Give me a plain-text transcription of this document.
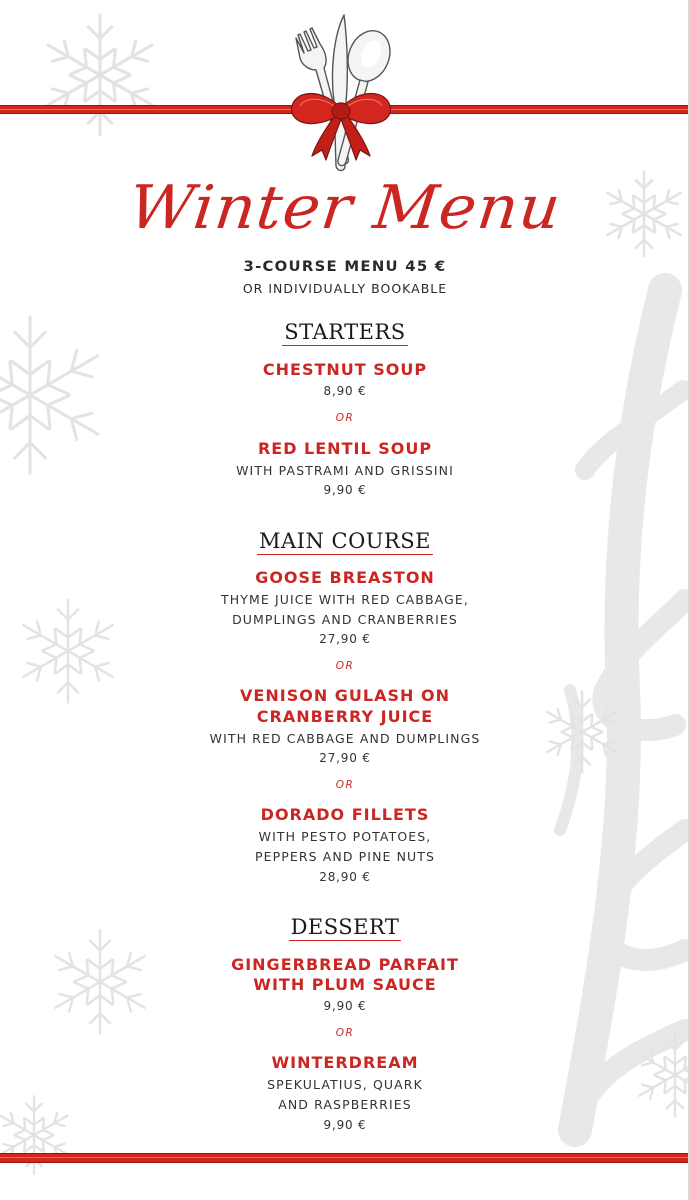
Winter Menu
3-COURSE MENU 45 €
OR INDIVIDUALLY BOOKABLE
STARTERS
CHESTNUT SOUP
8,90 €
OR
RED LENTIL SOUP
WITH PASTRAMI AND GRISSINI
9,90 €
MAIN COURSE
GOOSE BREASTON
THYME JUICE WITH RED CABBAGE,
DUMPLINGS AND CRANBERRIES
27,90 €
OR
VENISON GULASH ON
CRANBERRY JUICE
WITH RED CABBAGE AND DUMPLINGS
27,90 €
OR
DORADO FILLETS
WITH PESTO POTATOES,
PEPPERS AND PINE NUTS
28,90 €
DESSERT
GINGERBREAD PARFAIT
WITH PLUM SAUCE
9,90 €
OR
WINTERDREAM
SPEKULATIUS, QUARK
AND RASPBERRIES
9,90 €
